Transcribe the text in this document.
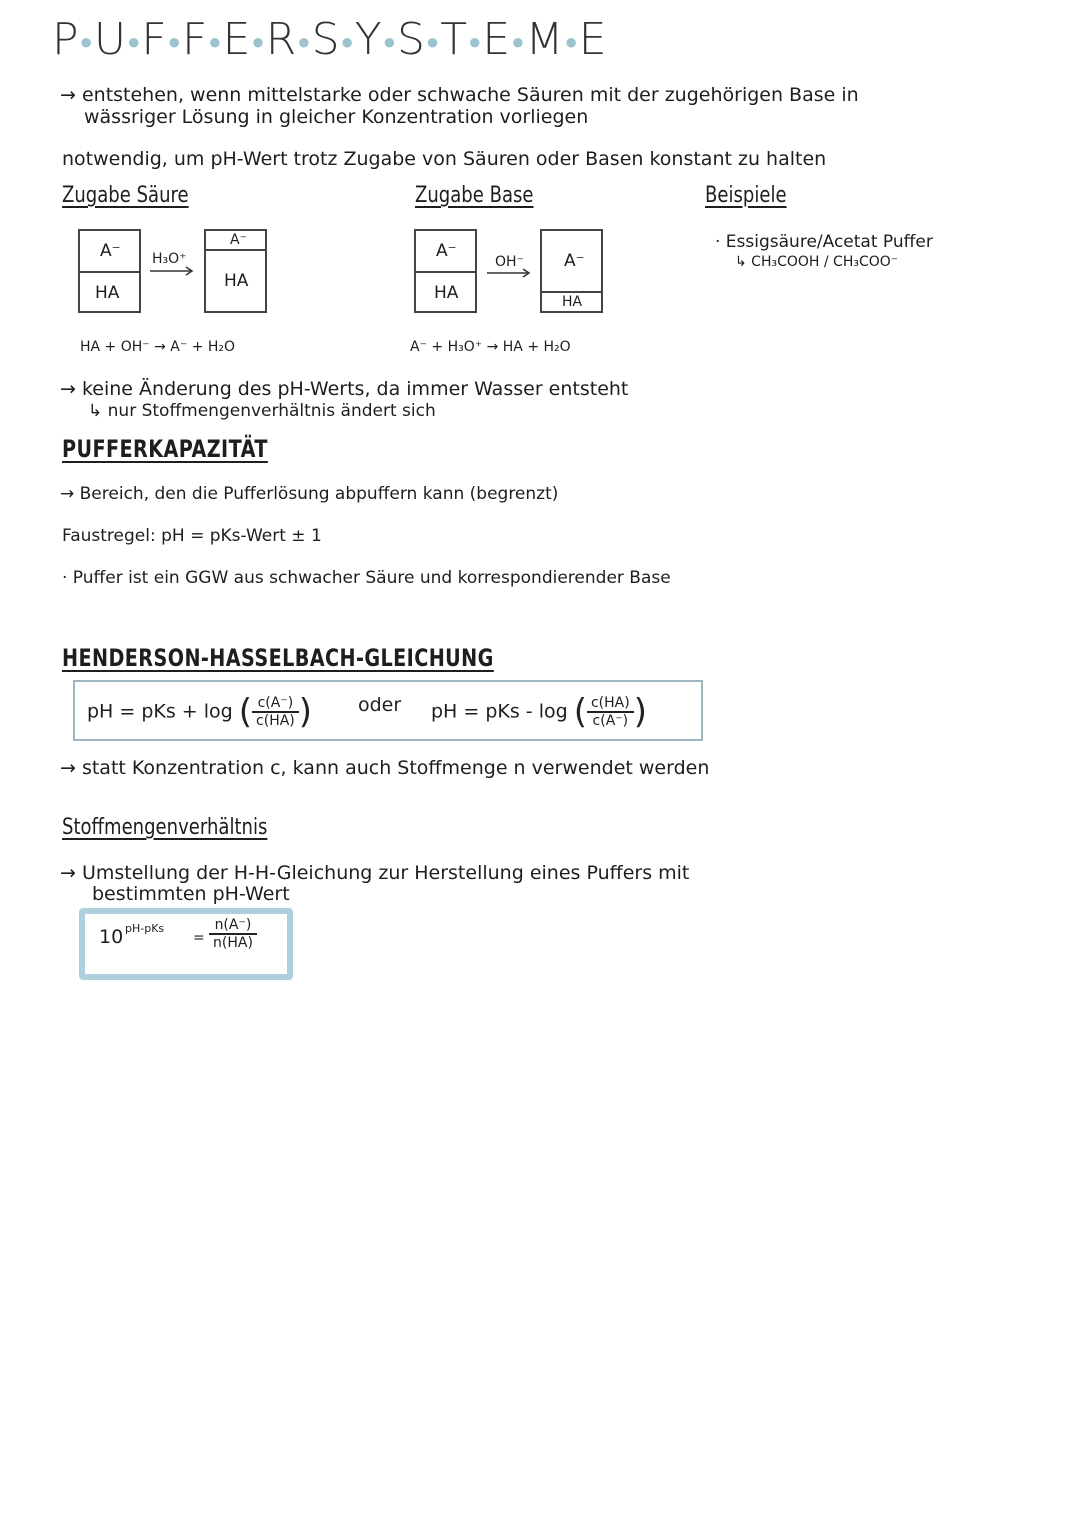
P●U●F●F●E●R●S●Y●S●T●E●M●E
→ entstehen, wenn mittelstarke oder schwache Säuren mit der zugehörigen Base in
wässriger Lösung in gleicher Konzentration vorliegen
notwendig, um pH-Wert trotz Zugabe von Säuren oder Basen konstant zu halten
Zugabe Säure	Zugabe Base	Beispiele
A⁻
HA
H₃O⁺
A⁻
HA
HA + OH⁻ → A⁻ + H₂O
A⁻
HA
OH⁻ A⁻
HA
A⁻ + H₃O⁺ → HA + H₂O
· Essigsäure/Acetat Puffer
↳ CH₃COOH / CH₃COO⁻
→ keine Änderung des pH-Werts, da immer Wasser entsteht
↳ nur Stoffmengenverhältnis ändert sich
PUFFERKAPAZITÄT
→ Bereich, den die Pufferlösung abpuffern kann (begrenzt)
Faustregel: pH = pKs-Wert ± 1
· Puffer ist ein GGW aus schwacher Säure und korrespondierender Base
HENDERSON-HASSELBACH-GLEICHUNG
pH = pKs + log ( $\frac{c(A^-)}{c(HA)}$ ) oder pH = pKs - log ( $\frac{c(HA)}{c(A^-)}$ )
→ statt Konzentration c, kann auch Stoffmenge n verwendet werden
Stoffmengenverhältnis
→ Umstellung der H-H-Gleichung zur Herstellung eines Puffers mit
bestimmten pH-Wert
10 pH-pKs
= $\frac{n(A^-)}{n(HA)}$
